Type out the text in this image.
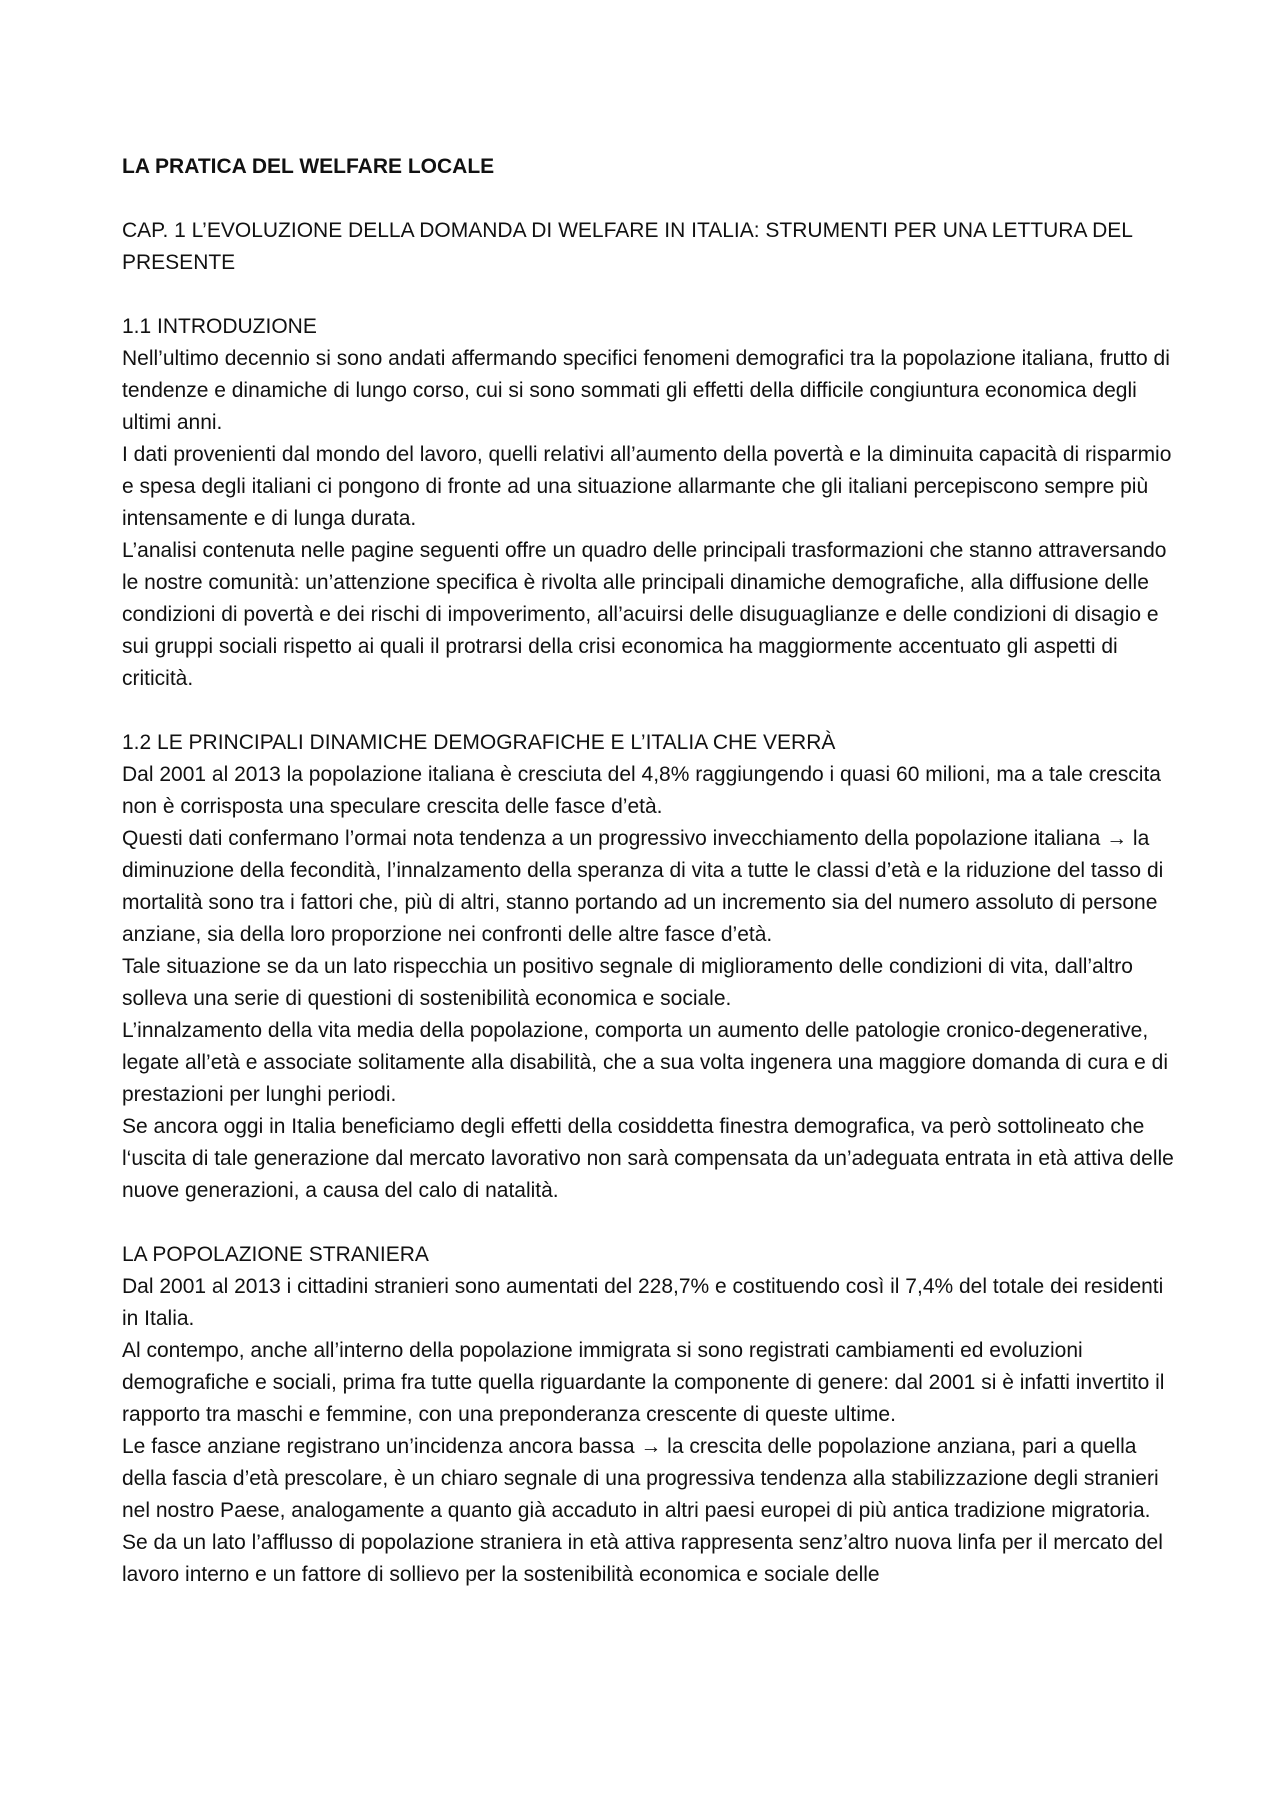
LA PRATICA DEL WELFARE LOCALE
CAP. 1 L’EVOLUZIONE DELLA DOMANDA DI WELFARE IN ITALIA: STRUMENTI PER UNA LETTURA DEL PRESENTE
1.1 INTRODUZIONE

Nell’ultimo decennio si sono andati affermando specifici fenomeni demografici tra la popolazione italiana, frutto di tendenze e dinamiche di lungo corso, cui si sono sommati gli effetti della difficile congiuntura economica degli ultimi anni.

I dati provenienti dal mondo del lavoro, quelli relativi all’aumento della povertà e la diminuita capacità di risparmio e spesa degli italiani ci pongono di fronte ad una situazione allarmante che gli italiani percepiscono sempre più intensamente e di lunga durata.

L’analisi contenuta nelle pagine seguenti offre un quadro delle principali trasformazioni che stanno attraversando le nostre comunità: un’attenzione specifica è rivolta alle principali dinamiche demografiche, alla diffusione delle condizioni di povertà e dei rischi di impoverimento, all’acuirsi delle disuguaglianze e delle condizioni di disagio e sui gruppi sociali rispetto ai quali il protrarsi della crisi economica ha maggiormente accentuato gli aspetti di criticità.

1.2 LE PRINCIPALI DINAMICHE DEMOGRAFICHE E L’ITALIA CHE VERRÀ

Dal 2001 al 2013 la popolazione italiana è cresciuta del 4,8% raggiungendo i quasi 60 milioni, ma a tale crescita non è corrisposta una speculare crescita delle fasce d’età.

Questi dati confermano l’ormai nota tendenza a un progressivo invecchiamento della popolazione italiana → la diminuzione della fecondità, l’innalzamento della speranza di vita a tutte le classi d’età e la riduzione del tasso di mortalità sono tra i fattori che, più di altri, stanno portando ad un incremento sia del numero assoluto di persone anziane, sia della loro proporzione nei confronti delle altre fasce d’età.

Tale situazione se da un lato rispecchia un positivo segnale di miglioramento delle condizioni di vita, dall’altro solleva una serie di questioni di sostenibilità economica e sociale.

L’innalzamento della vita media della popolazione, comporta un aumento delle patologie cronico-degenerative, legate all’età e associate solitamente alla disabilità, che a sua volta ingenera una maggiore domanda di cura e di prestazioni per lunghi periodi.

Se ancora oggi in Italia beneficiamo degli effetti della cosiddetta finestra demografica, va però sottolineato che l‘uscita di tale generazione dal mercato lavorativo non sarà compensata da un’adeguata entrata in età attiva delle nuove generazioni, a causa del calo di natalità.

LA POPOLAZIONE STRANIERA

Dal 2001 al 2013 i cittadini stranieri sono aumentati del 228,7% e costituendo così il 7,4% del totale dei residenti in Italia.

Al contempo, anche all’interno della popolazione immigrata si sono registrati cambiamenti ed evoluzioni demografiche e sociali, prima fra tutte quella riguardante la componente di genere: dal 2001 si è infatti invertito il rapporto tra maschi e femmine, con una preponderanza crescente di queste ultime.

Le fasce anziane registrano un’incidenza ancora bassa → la crescita delle popolazione anziana, pari a quella della fascia d’età prescolare, è un chiaro segnale di una progressiva tendenza alla stabilizzazione degli stranieri nel nostro Paese, analogamente a quanto già accaduto in altri paesi europei di più antica tradizione migratoria.

Se da un lato l’afflusso di popolazione straniera in età attiva rappresenta senz’altro nuova linfa per il mercato del lavoro interno e un fattore di sollievo per la sostenibilità economica e sociale delle
